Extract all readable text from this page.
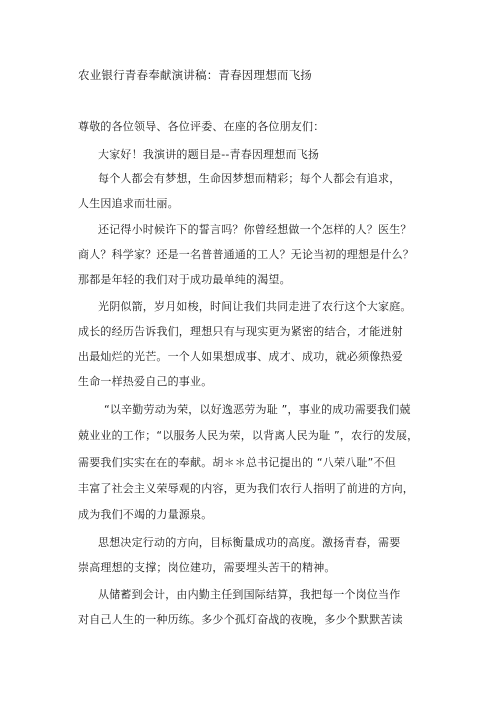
农业银行青春奉献演讲稿：青春因理想而飞扬
尊敬的各位领导、各位评委、在座的各位朋友们：
大家好！我演讲的题目是--青春因理想而飞扬
每个人都会有梦想，生命因梦想而精彩；每个人都会有追求，
人生因追求而壮丽。
还记得小时候许下的誓言吗？你曾经想做一个怎样的人？医生？
商人？科学家？还是一名普普通通的工人？无论当初的理想是什么？
那都是年轻的我们对于成功最单纯的渴望。
光阴似箭，岁月如梭，时间让我们共同走进了农行这个大家庭。
成长的经历告诉我们，理想只有与现实更为紧密的结合，才能迸射
出最灿烂的光芒。一个人如果想成事、成才、成功，就必须像热爱
生命一样热爱自己的事业。
“以辛勤劳动为荣，以好逸恶劳为耻 ”，事业的成功需要我们兢
兢业业的工作；“以服务人民为荣，以背离人民为耻 ”，农行的发展，
需要我们实实在在的奉献。胡＊＊总书记提出的 “八荣八耻”不但
丰富了社会主义荣辱观的内容，更为我们农行人指明了前进的方向，
成为我们不竭的力量源泉。
思想决定行动的方向，目标衡量成功的高度。激扬青春，需要
崇高理想的支撑；岗位建功，需要埋头苦干的精神。
从储蓄到会计，由内勤主任到国际结算，我把每一个岗位当作
对自己人生的一种历练。多少个孤灯奋战的夜晚，多少个默默苦读
